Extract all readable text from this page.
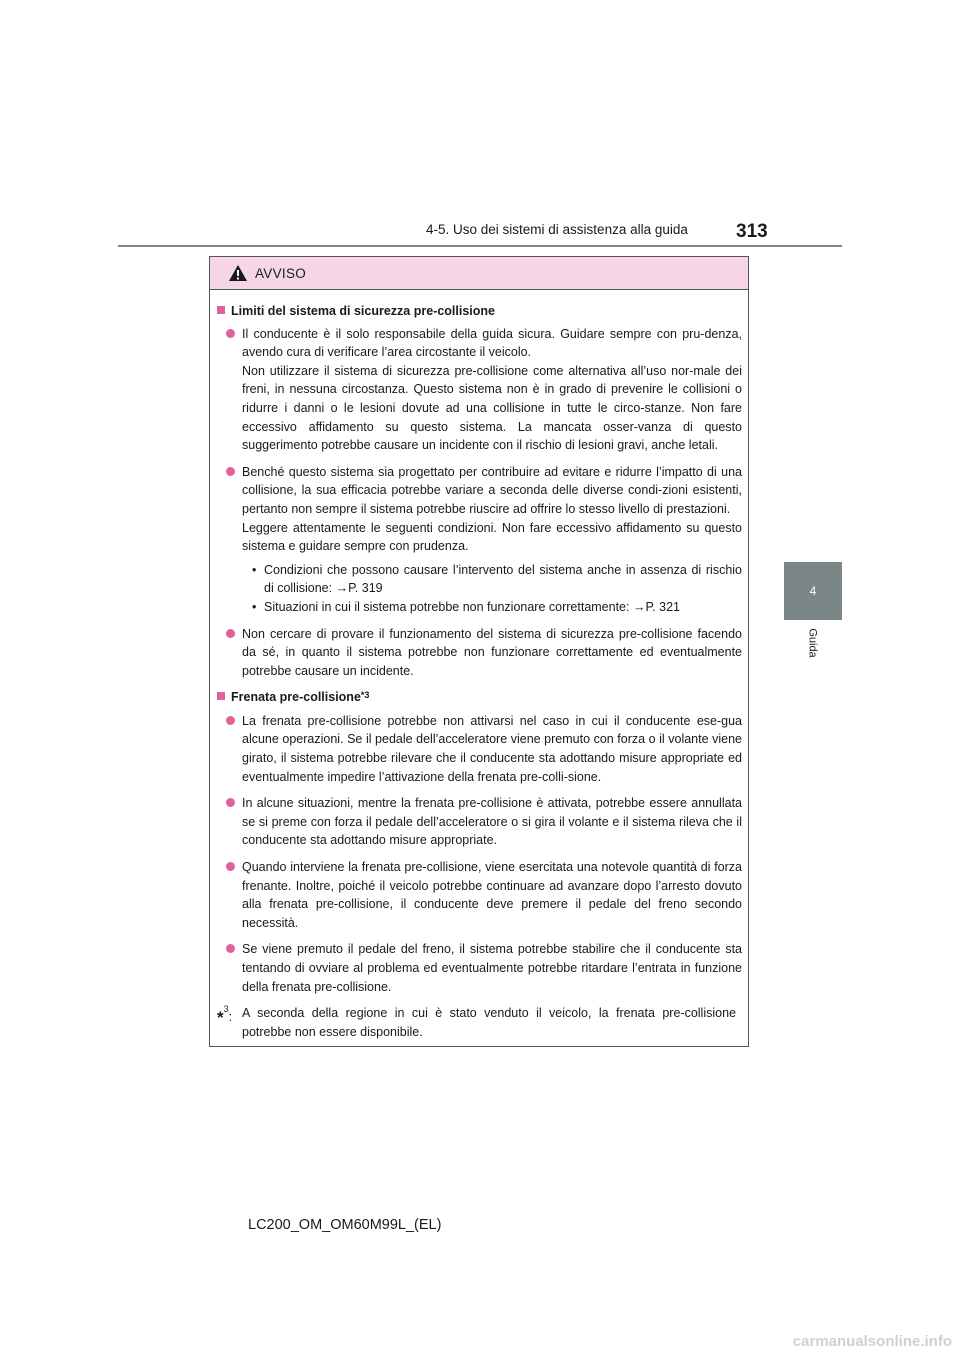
4-5. Uso dei sistemi di assistenza alla guida	313
4
Guida
AVVISO
Limiti del sistema di sicurezza pre-collisione

Il conducente è il solo responsabile della guida sicura. Guidare sempre con pru-denza, avendo cura di verificare l’area circostante il veicolo.

Non utilizzare il sistema di sicurezza pre-collisione come alternativa all’uso nor-male dei freni, in nessuna circostanza. Questo sistema non è in grado di prevenire le collisioni o ridurre i danni o le lesioni dovute ad una collisione in tutte le circo-stanze. Non fare eccessivo affidamento su questo sistema. La mancata osser-vanza di questo suggerimento potrebbe causare un incidente con il rischio di lesioni gravi, anche letali.

Benché questo sistema sia progettato per contribuire ad evitare e ridurre l’impatto di una collisione, la sua efficacia potrebbe variare a seconda delle diverse condi-zioni esistenti, pertanto non sempre il sistema potrebbe riuscire ad offrire lo stesso livello di prestazioni.

Leggere attentamente le seguenti condizioni. Non fare eccessivo affidamento su questo sistema e guidare sempre con prudenza.

• Condizioni che possono causare l’intervento del sistema anche in assenza di rischio di collisione: →P. 319
• Situazioni in cui il sistema potrebbe non funzionare correttamente: →P. 321
Non cercare di provare il funzionamento del sistema di sicurezza pre-collisione facendo da sé, in quanto il sistema potrebbe non funzionare correttamente ed eventualmente potrebbe causare un incidente.
Frenata pre-collisione$^{*3}$
La frenata pre-collisione potrebbe non attivarsi nel caso in cui il conducente ese-gua alcune operazioni. Se il pedale dell’acceleratore viene premuto con forza o il volante viene girato, il sistema potrebbe rilevare che il conducente sta adottando misure appropriate ed eventualmente impedire l’attivazione della frenata pre-colli-sione.
In alcune situazioni, mentre la frenata pre-collisione è attivata, potrebbe essere annullata se si preme con forza il pedale dell’acceleratore o si gira il volante e il sistema rileva che il conducente sta adottando misure appropriate.
Quando interviene la frenata pre-collisione, viene esercitata una notevole quantità di forza frenante. Inoltre, poiché il veicolo potrebbe continuare ad avanzare dopo l’arresto dovuto alla frenata pre-collisione, il conducente deve premere il pedale del freno secondo necessità.
Se viene premuto il pedale del freno, il sistema potrebbe stabilire che il conducente sta tentando di ovviare al problema ed eventualmente potrebbe ritardare l’entrata in funzione della frenata pre-collisione.
*$^3$: A seconda della regione in cui è stato venduto il veicolo, la frenata pre-collisione potrebbe non essere disponibile.
LC200_OM_OM60M99L_(EL)
carmanualsonline.info
